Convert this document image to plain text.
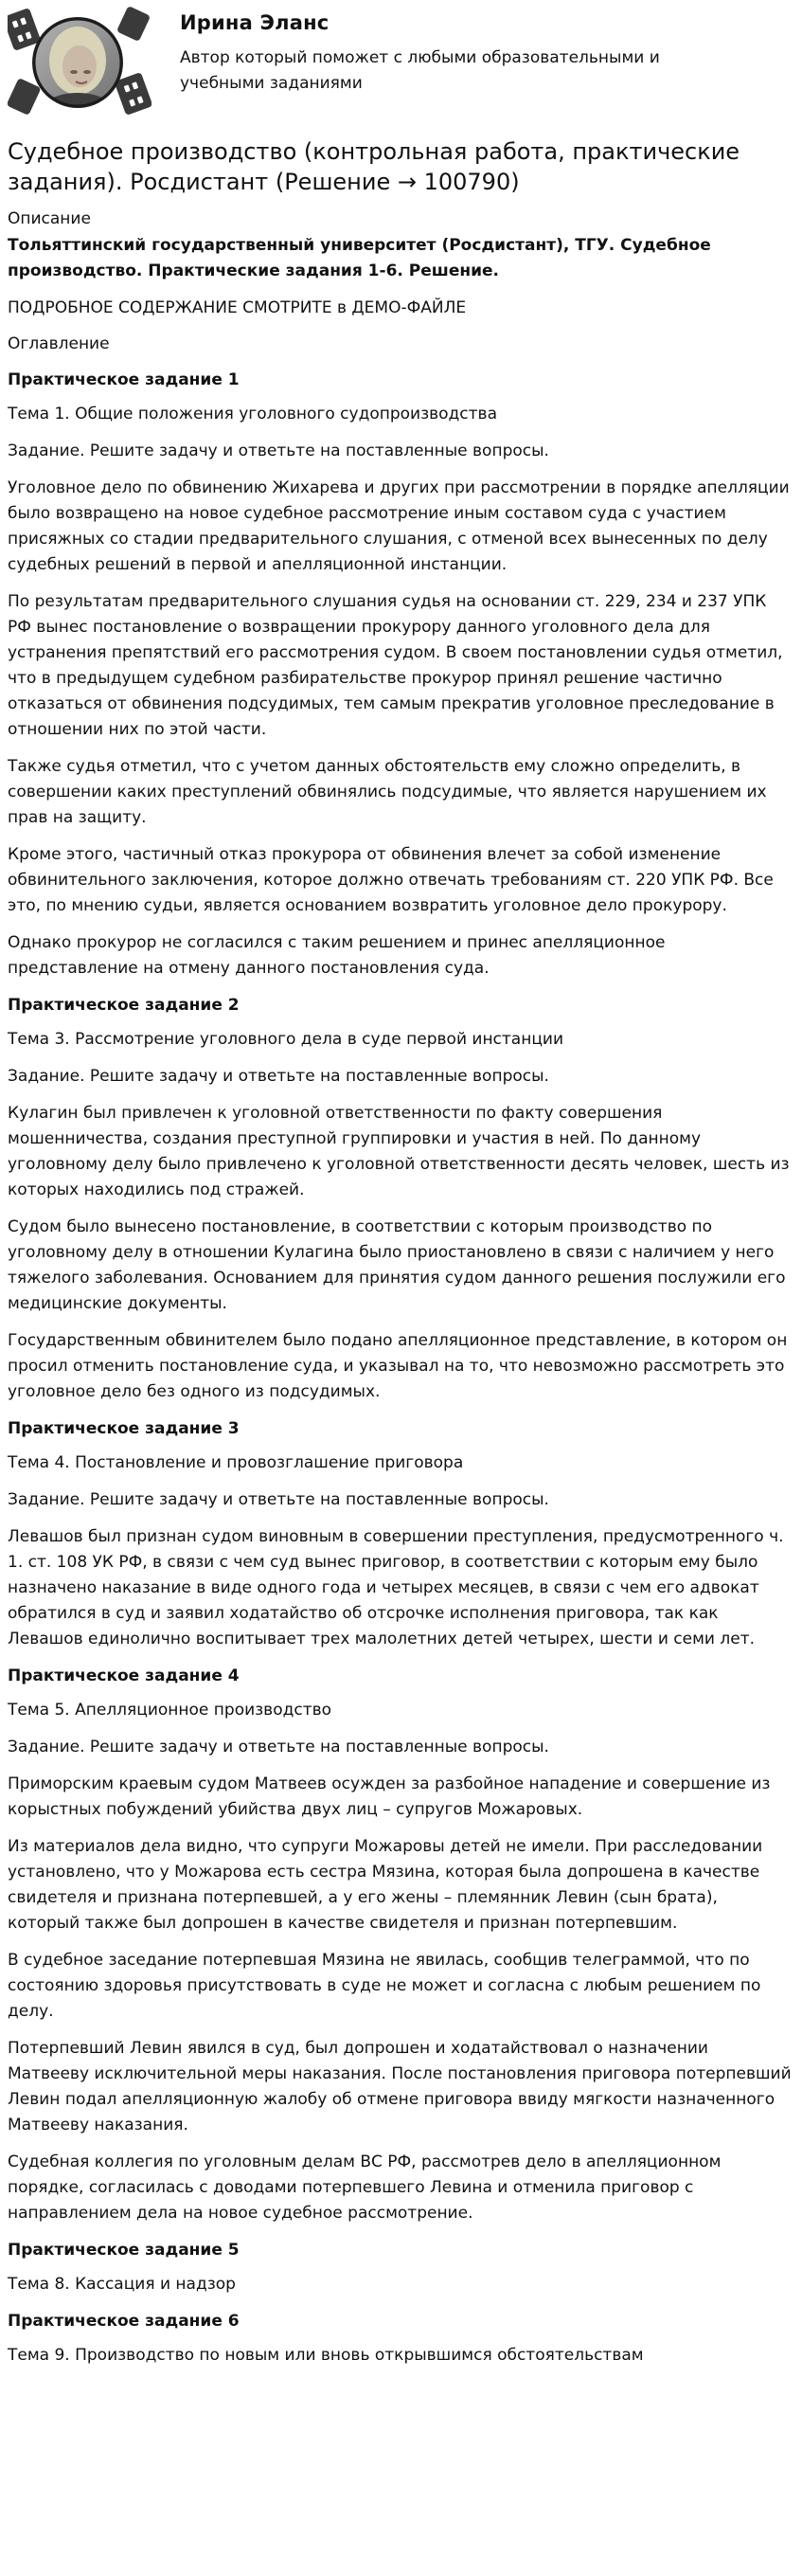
Ирина Эланс
Автор который поможет с любыми образовательными и учебными заданиями
Судебное производство (контрольная работа, практические задания). Росдистант (Решение → 100790)
Описание
Тольяттинский государственный университет (Росдистант), ТГУ. Судебное производство. Практические задания 1-6. Решение.
ПОДРОБНОЕ СОДЕРЖАНИЕ СМОТРИТЕ в ДЕМО-ФАЙЛЕ
Оглавление
Практическое задание 1

Тема 1. Общие положения уголовного судопроизводства

Задание. Решите задачу и ответьте на поставленные вопросы.

Уголовное дело по обвинению Жихарева и других при рассмотрении в порядке апелляции было возвращено на новое судебное рассмотрение иным составом суда с участием присяжных со стадии предварительного слушания, с отменой всех вынесенных по делу судебных решений в первой и апелляционной инстанции.

По результатам предварительного слушания судья на основании ст. 229, 234 и 237 УПК РФ вынес постановление о возвращении прокурору данного уголовного дела для устранения препятствий его рассмотрения судом. В своем постановлении судья отметил, что в предыдущем судебном разбирательстве прокурор принял решение частично отказаться от обвинения подсудимых, тем самым прекратив уголовное преследование в отношении них по этой части.

Также судья отметил, что с учетом данных обстоятельств ему сложно определить, в совершении каких преступлений обвинялись подсудимые, что является нарушением их прав на защиту.

Кроме этого, частичный отказ прокурора от обвинения влечет за собой изменение обвинительного заключения, которое должно отвечать требованиям ст. 220 УПК РФ. Все это, по мнению судьи, является основанием возвратить уголовное дело прокурору.

Однако прокурор не согласился с таким решением и принес апелляционное представление на отмену данного постановления суда.

Практическое задание 2

Тема 3. Рассмотрение уголовного дела в суде первой инстанции

Задание. Решите задачу и ответьте на поставленные вопросы.

Кулагин был привлечен к уголовной ответственности по факту совершения мошенничества, создания преступной группировки и участия в ней. По данному уголовному делу было привлечено к уголовной ответственности десять человек, шесть из которых находились под стражей.

Судом было вынесено постановление, в соответствии с которым производство по уголовному делу в отношении Кулагина было приостановлено в связи с наличием у него тяжелого заболевания. Основанием для принятия судом данного решения послужили его медицинские документы.

Государственным обвинителем было подано апелляционное представление, в котором он просил отменить постановление суда, и указывал на то, что невозможно рассмотреть это уголовное дело без одного из подсудимых.

Практическое задание 3

Тема 4. Постановление и провозглашение приговора

Задание. Решите задачу и ответьте на поставленные вопросы.

Левашов был признан судом виновным в совершении преступления, предусмотренного ч. 1. ст. 108 УК РФ, в связи с чем суд вынес приговор, в соответствии с которым ему было назначено наказание в виде одного года и четырех месяцев, в связи с чем его адвокат обратился в суд и заявил ходатайство об отсрочке исполнения приговора, так как Левашов единолично воспитывает трех малолетних детей четырех, шести и семи лет.

Практическое задание 4

Тема 5. Апелляционное производство

Задание. Решите задачу и ответьте на поставленные вопросы.

Приморским краевым судом Матвеев осужден за разбойное нападение и совершение из корыстных побуждений убийства двух лиц – супругов Можаровых.

Из материалов дела видно, что супруги Можаровы детей не имели. При расследовании установлено, что у Можарова есть сестра Мязина, которая была допрошена в качестве свидетеля и признана потерпевшей, а у его жены – племянник Левин (сын брата), который также был допрошен в качестве свидетеля и признан потерпевшим.

В судебное заседание потерпевшая Мязина не явилась, сообщив телеграммой, что по состоянию здоровья присутствовать в суде не может и согласна с любым решением по делу.

Потерпевший Левин явился в суд, был допрошен и ходатайствовал о назначении Матвееву исключительной меры наказания. После постановления приговора потерпевший Левин подал апелляционную жалобу об отмене приговора ввиду мягкости назначенного Матвееву наказания.

Судебная коллегия по уголовным делам ВС РФ, рассмотрев дело в апелляционном порядке, согласилась с доводами потерпевшего Левина и отменила приговор с направлением дела на новое судебное рассмотрение.

Практическое задание 5

Тема 8. Кассация и надзор

Практическое задание 6

Тема 9. Производство по новым или вновь открывшимся обстоятельствам
